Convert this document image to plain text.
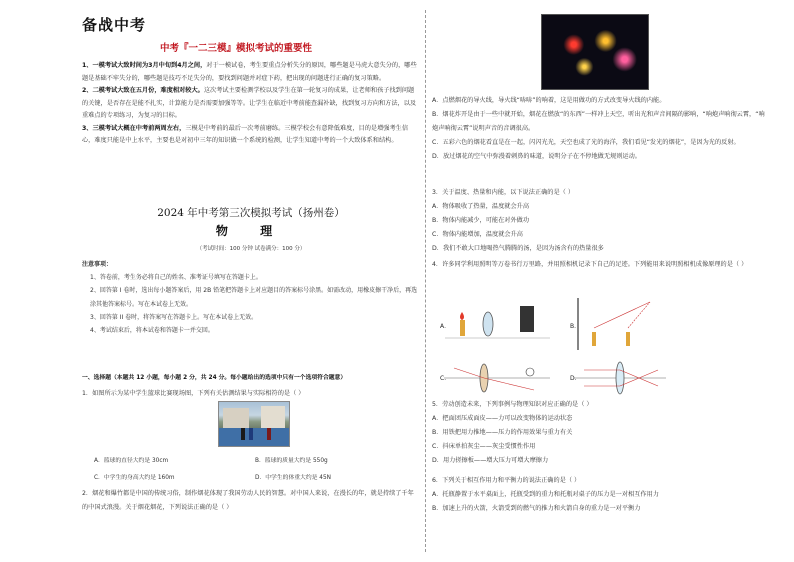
备战中考
中考『一二三模』模拟考试的重要性

1、一模考试大致时间为3月中旬到4月之间，对于一模试卷，考生要重点分析失分的原因，哪些题是马虎大意失分的，哪些题是基础不牢失分的，哪些题是技巧不足失分的，要找到问题并对症下药，把出现的问题进行正确的复习策略。

2、二模考试大致在五月份，难度相对较大。这次考试主要检测学校以及学生在第一轮复习的成果，让老师和孩子找到问题的关键，是否存在是能不扎实，计算能力是否需要加强等等。让学生在临近中考前能查漏补缺，找到复习方向和方法，以及重难点的专项练习，为复习的目标。

3、三模考试大概在中考前两周左右，三模是中考前的最后一次考前磨练。三模学校会有意降低难度，目的是增强考生信心，难度只能是中上水平，主要也是对初中三年的知识做一个系统的检测，让学生知道中考的一个大致体系和结构。

2024 年中考第三次模拟考试（扬州卷）
物 理
（考试时间：100 分钟 试卷满分：100 分）
注意事项：
1、答卷前，考生务必将自己的姓名、准考证号填写在答题卡上。
2、回答第 I 卷时，选出每小题答案后，用 2B 铅笔把答题卡上对应题目的答案标号涂黑。如需改动，用橡皮擦干净后，再选涂其他答案标号。写在本试卷上无效。
3、回答第 II 卷时，将答案写在答题卡上。写在本试卷上无效。
4、考试结束后，将本试卷和答题卡一并交回。
一、选择题（本题共 12 小题，每小题 2 分，共 24 分。每小题给出的选项中只有一个选项符合题意）
1．如图所示为某中学生篮球比赛现场图，下列有关估测结果与实际相符的是（ ）
A．篮球的直径大约是 30cm	B．篮球的质量大约是 550g
C．中学生的身高大约是 160m	D．中学生的体重大约是 45N
2．烟花和爆竹都是中国的传统习俗，制作烟花体现了我国劳动人民的智慧。对中国人来说，在漫长的年，就是持续了千年的中国式浪漫。关于烟花烟花，下列说法正确的是（ ）
A．点燃烟花的导火线，导火线“哧哧”的响着，这是用做功的方式改变导火线的内能。
B．烟花炸开是由于一些中就开始，烟花在燃放“的东西”一样冲上天空，听出光和声音间隔的影响，“响炮声响彻云霄，“响炮声响彻云霄”说明声音的音调很高。
C．五彩六色的烟花看直是在一起，闪闪光光，天空也成了光的海洋，我们看见“发光的烟花”，是因为光的反射。
D．放过烟花的空气中弥漫着刺鼻的味道，说明分子在不停地做无规则运动。
3．关于温度、热量和内能，以下说法正确的是（ ）
A．物体吸收了热量，温度就会升高
B．物体内能减少，可能在对外做功
C．物体内能增加，温度就会升高
D．我们不敢大口地喝热气腾腾的汤，是因为汤含有的热量很多
4．许多同学利用照明等万卷书行万里路，并用照相机记录下自己的足迹。下列能用来说明照相机成像原理的是（ ）
A．	B．
C．	D．
5．劳动创造未来，下列事例与物理知识对应正确的是（ ）
A．把面团压成面皮——力可以改变物体的运动状态
B．用铁把用力推地——压力的作用效果与重力有关
C．抖床单拍灰尘——灰尘受惯性作用
D．用力搓擦板——增大压力可增大摩擦力
6．下列关于相互作用力和平衡力的说法正确的是（ ）
A．托瓶静置于水平桌面上，托瓶受到的重力和托瓶对桌子的压力是一对相互作用力
B．加速上升的火箭，火箭受到的燃气的推力和火箭自身的重力是一对平衡力
